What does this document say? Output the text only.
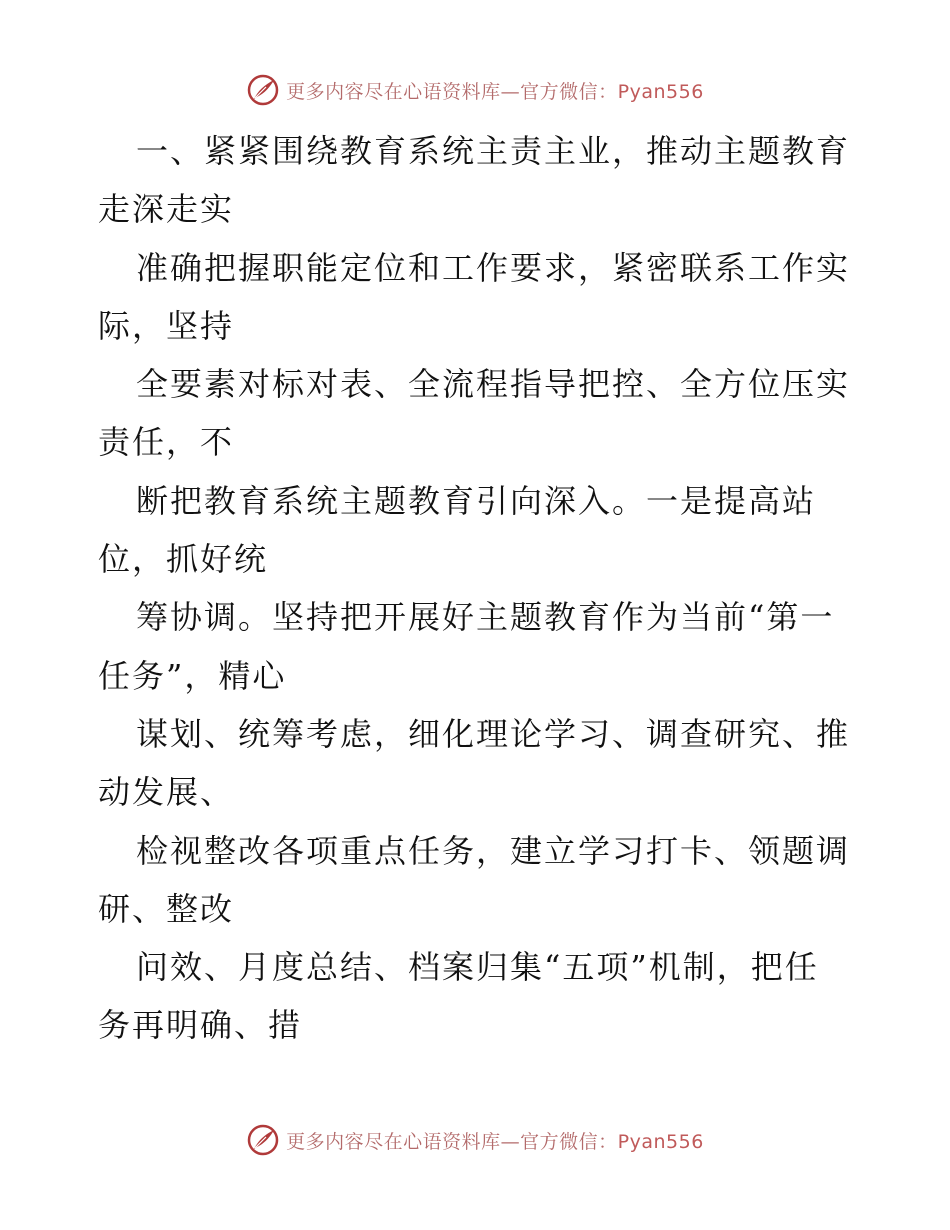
更多内容尽在心语资料库—官方微信：Pyan556
一、紧紧围绕教育系统主责主业，推动主题教育
走深走实
准确把握职能定位和工作要求，紧密联系工作实
际，坚持
全要素对标对表、全流程指导把控、全方位压实
责任，不
断把教育系统主题教育引向深入。一是提高站
位，抓好统
筹协调。坚持把开展好主题教育作为当前“第一
任务”，精心
谋划、统筹考虑，细化理论学习、调查研究、推
动发展、
检视整改各项重点任务，建立学习打卡、领题调
研、整改
问效、月度总结、档案归集“五项”机制，把任
务再明确、措
更多内容尽在心语资料库—官方微信：Pyan556
